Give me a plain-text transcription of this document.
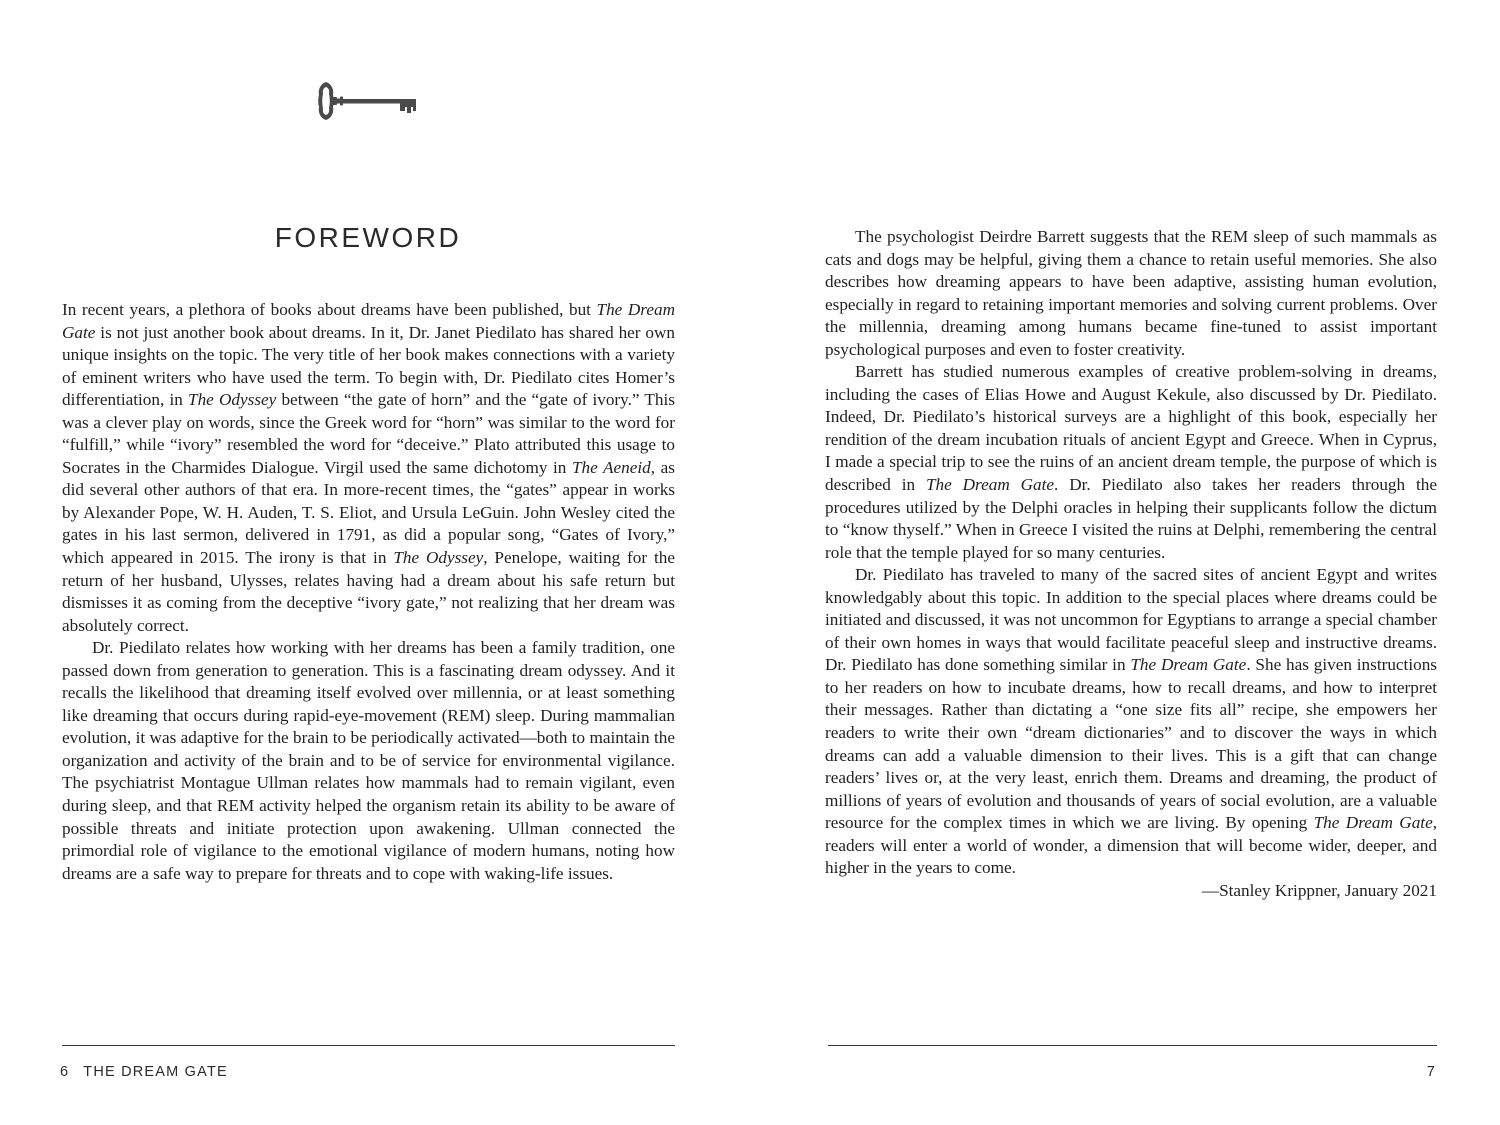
FOREWORD

In recent years, a plethora of books about dreams have been published, but The Dream Gate is not just another book about dreams. In it, Dr. Janet Piedilato has shared her own unique insights on the topic. The very title of her book makes connections with a variety of eminent writers who have used the term. To begin with, Dr. Piedilato cites Homer’s differentiation, in The Odyssey between “the gate of horn” and the “gate of ivory.” This was a clever play on words, since the Greek word for “horn” was similar to the word for “fulfill,” while “ivory” resembled the word for “deceive.” Plato attributed this usage to Socrates in the Charmides Dialogue. Virgil used the same dichotomy in The Aeneid, as did several other authors of that era. In more-recent times, the “gates” appear in works by Alexander Pope, W. H. Auden, T. S. Eliot, and Ursula LeGuin. John Wesley cited the gates in his last sermon, delivered in 1791, as did a popular song, “Gates of Ivory,” which appeared in 2015. The irony is that in The Odyssey, Penelope, waiting for the return of her husband, Ulysses, relates having had a dream about his safe return but dismisses it as coming from the deceptive “ivory gate,” not realizing that her dream was absolutely correct.

Dr. Piedilato relates how working with her dreams has been a family tradition, one passed down from generation to generation. This is a fascinating dream odyssey. And it recalls the likelihood that dreaming itself evolved over millennia, or at least something like dreaming that occurs during rapid-eye-movement (REM) sleep. During mammalian evolution, it was adaptive for the brain to be periodically activated—both to maintain the organization and activity of the brain and to be of service for environmental vigilance. The psychiatrist Montague Ullman relates how mammals had to remain vigilant, even during sleep, and that REM activity helped the organism retain its ability to be aware of possible threats and initiate protection upon awakening. Ullman connected the primordial role of vigilance to the emotional vigilance of modern humans, noting how dreams are a safe way to prepare for threats and to cope with waking-life issues.

6 THE DREAM GATE

The psychologist Deirdre Barrett suggests that the REM sleep of such mammals as cats and dogs may be helpful, giving them a chance to retain useful memories. She also describes how dreaming appears to have been adaptive, assisting human evolution, especially in regard to retaining important memories and solving current problems. Over the millennia, dreaming among humans became fine-tuned to assist important psychological purposes and even to foster creativity.

Barrett has studied numerous examples of creative problem-solving in dreams, including the cases of Elias Howe and August Kekule, also discussed by Dr. Piedilato. Indeed, Dr. Piedilato’s historical surveys are a highlight of this book, especially her rendition of the dream incubation rituals of ancient Egypt and Greece. When in Cyprus, I made a special trip to see the ruins of an ancient dream temple, the purpose of which is described in The Dream Gate. Dr. Piedilato also takes her readers through the procedures utilized by the Delphi oracles in helping their supplicants follow the dictum to “know thyself.” When in Greece I visited the ruins at Delphi, remembering the central role that the temple played for so many centuries.

Dr. Piedilato has traveled to many of the sacred sites of ancient Egypt and writes knowledgably about this topic. In addition to the special places where dreams could be initiated and discussed, it was not uncommon for Egyptians to arrange a special chamber of their own homes in ways that would facilitate peaceful sleep and instructive dreams. Dr. Piedilato has done something similar in The Dream Gate. She has given instructions to her readers on how to incubate dreams, how to recall dreams, and how to interpret their messages. Rather than dictating a “one size fits all” recipe, she empowers her readers to write their own “dream dictionaries” and to discover the ways in which dreams can add a valuable dimension to their lives. This is a gift that can change readers’ lives or, at the very least, enrich them. Dreams and dreaming, the product of millions of years of evolution and thousands of years of social evolution, are a valuable resource for the complex times in which we are living. By opening The Dream Gate, readers will enter a world of wonder, a dimension that will become wider, deeper, and higher in the years to come.

—Stanley Krippner, January 2021

7
